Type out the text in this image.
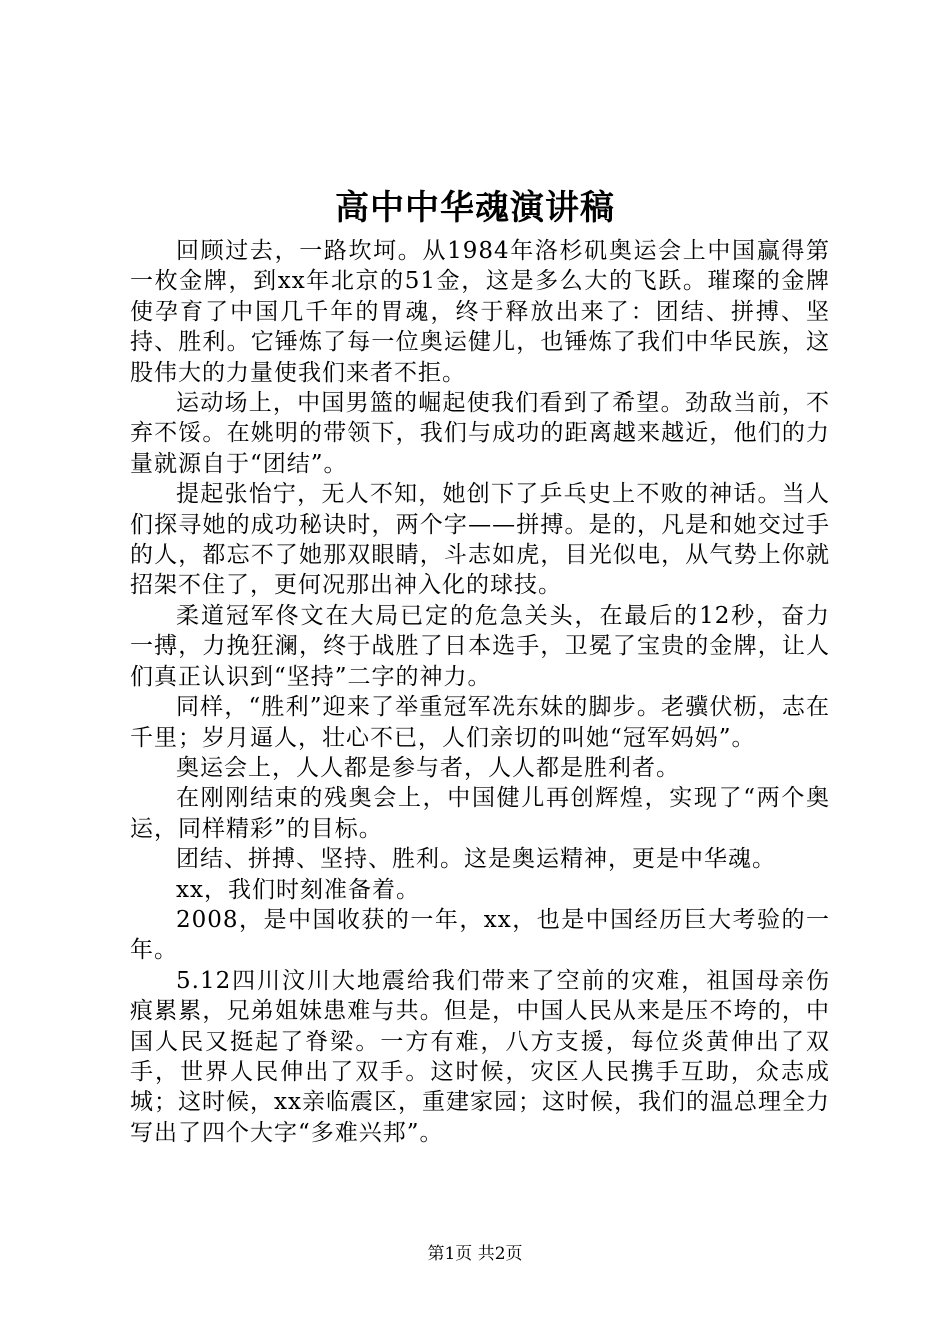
高中中华魂演讲稿

回顾过去，一路坎坷。从1984年洛杉矶奥运会上中国赢得第一枚金牌，到xx年北京的51金，这是多么大的飞跃。璀璨的金牌使孕育了中国几千年的胃魂，终于释放出来了：团结、拼搏、坚持、胜利。它锤炼了每一位奥运健儿，也锤炼了我们中华民族，这股伟大的力量使我们来者不拒。

运动场上，中国男篮的崛起使我们看到了希望。劲敌当前，不弃不馁。在姚明的带领下，我们与成功的距离越来越近，他们的力量就源自于“团结”。

提起张怡宁，无人不知，她创下了乒乓史上不败的神话。当人们探寻她的成功秘诀时，两个字——拼搏。是的，凡是和她交过手的人，都忘不了她那双眼睛，斗志如虎，目光似电，从气势上你就招架不住了，更何况那出神入化的球技。

柔道冠军佟文在大局已定的危急关头，在最后的12秒，奋力一搏，力挽狂澜，终于战胜了日本选手，卫冕了宝贵的金牌，让人们真正认识到“坚持”二字的神力。

同样，“胜利”迎来了举重冠军冼东妹的脚步。老骥伏枥，志在千里；岁月逼人，壮心不已，人们亲切的叫她“冠军妈妈”。

奥运会上，人人都是参与者，人人都是胜利者。

在刚刚结束的残奥会上，中国健儿再创辉煌，实现了“两个奥运，同样精彩”的目标。

团结、拼搏、坚持、胜利。这是奥运精神，更是中华魂。

xx，我们时刻准备着。

2008，是中国收获的一年，xx，也是中国经历巨大考验的一年。

5.12四川汶川大地震给我们带来了空前的灾难，祖国母亲伤痕累累，兄弟姐妹患难与共。但是，中国人民从来是压不垮的，中国人民又挺起了脊梁。一方有难，八方支援，每位炎黄伸出了双手，世界人民伸出了双手。这时候，灾区人民携手互助，众志成城；这时候，xx亲临震区，重建家园；这时候，我们的温总理全力写出了四个大字“多难兴邦”。

第1页 共2页
